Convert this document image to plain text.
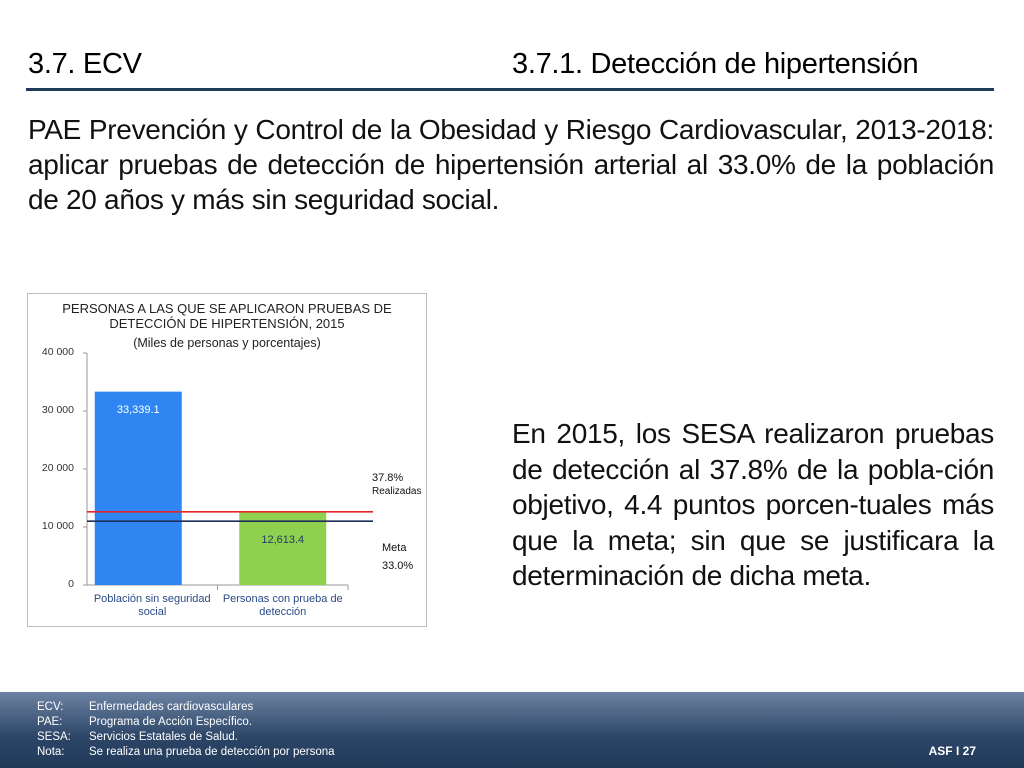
3.7. ECV	3.7.1. Detección de hipertensión
PAE Prevención y Control de la Obesidad y Riesgo Cardiovascular, 2013-2018: aplicar pruebas de detección de hipertensión arterial al 33.0% de la población de 20 años y más sin seguridad social.
PERSONAS A LAS QUE SE APLICARON PRUEBAS DE DETECCIÓN DE HIPERTENSIÓN, 2015
(Miles de personas y porcentajes)
0
10 000
20 000
30 000
40 000
33,339.1
Población sin seguridad social
12,613.4
Personas con prueba de detección
37.8%
Realizadas
Meta
33.0%
En 2015, los SESA realizaron pruebas de detección al 37.8% de la pobla-ción objetivo, 4.4 puntos porcen-tuales más que la meta; sin que se justificara la determinación de dicha meta.
ECV:	Enfermedades cardiovasculares
PAE:	Programa de Acción Específico.
SESA:	Servicios Estatales de Salud.
Nota:	Se realiza una prueba de detección por persona	ASF I 27
